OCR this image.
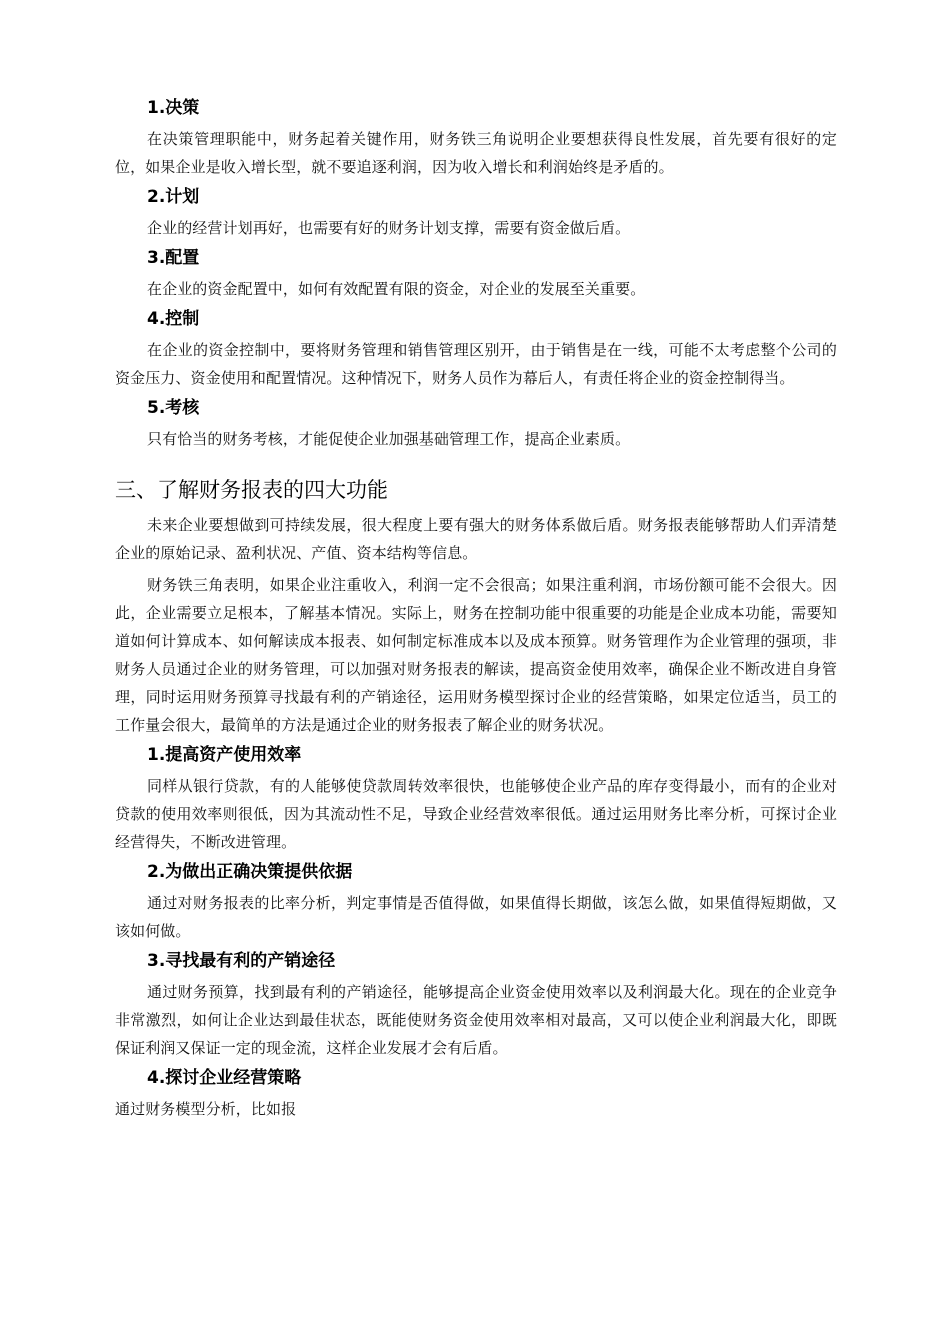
1.决策
在决策管理职能中，财务起着关键作用，财务铁三角说明企业要想获得良性发展，首先要有很好的定位，如果企业是收入增长型，就不要追逐利润，因为收入增长和利润始终是矛盾的。
2.计划
企业的经营计划再好，也需要有好的财务计划支撑，需要有资金做后盾。
3.配置
在企业的资金配置中，如何有效配置有限的资金，对企业的发展至关重要。
4.控制
在企业的资金控制中，要将财务管理和销售管理区别开，由于销售是在一线，可能不太考虑整个公司的资金压力、资金使用和配置情况。这种情况下，财务人员作为幕后人，有责任将企业的资金控制得当。
5.考核
只有恰当的财务考核，才能促使企业加强基础管理工作，提高企业素质。
三、了解财务报表的四大功能
未来企业要想做到可持续发展，很大程度上要有强大的财务体系做后盾。财务报表能够帮助人们弄清楚企业的原始记录、盈利状况、产值、资本结构等信息。
财务铁三角表明，如果企业注重收入，利润一定不会很高；如果注重利润，市场份额可能不会很大。因此，企业需要立足根本，了解基本情况。实际上，财务在控制功能中很重要的功能是企业成本功能，需要知道如何计算成本、如何解读成本报表、如何制定标准成本以及成本预算。财务管理作为企业管理的强项，非财务人员通过企业的财务管理，可以加强对财务报表的解读，提高资金使用效率，确保企业不断改进自身管理，同时运用财务预算寻找最有利的产销途径，运用财务模型探讨企业的经营策略，如果定位适当，员工的工作量会很大，最简单的方法是通过企业的财务报表了解企业的财务状况。
1.提高资产使用效率
同样从银行贷款，有的人能够使贷款周转效率很快，也能够使企业产品的库存变得最小，而有的企业对贷款的使用效率则很低，因为其流动性不足，导致企业经营效率很低。通过运用财务比率分析，可探讨企业经营得失，不断改进管理。
2.为做出正确决策提供依据
通过对财务报表的比率分析，判定事情是否值得做，如果值得长期做，该怎么做，如果值得短期做，又该如何做。
3.寻找最有利的产销途径
通过财务预算，找到最有利的产销途径，能够提高企业资金使用效率以及利润最大化。现在的企业竞争非常激烈，如何让企业达到最佳状态，既能使财务资金使用效率相对最高，又可以使企业利润最大化，即既保证利润又保证一定的现金流，这样企业发展才会有后盾。
4.探讨企业经营策略
通过财务模型分析，比如报
